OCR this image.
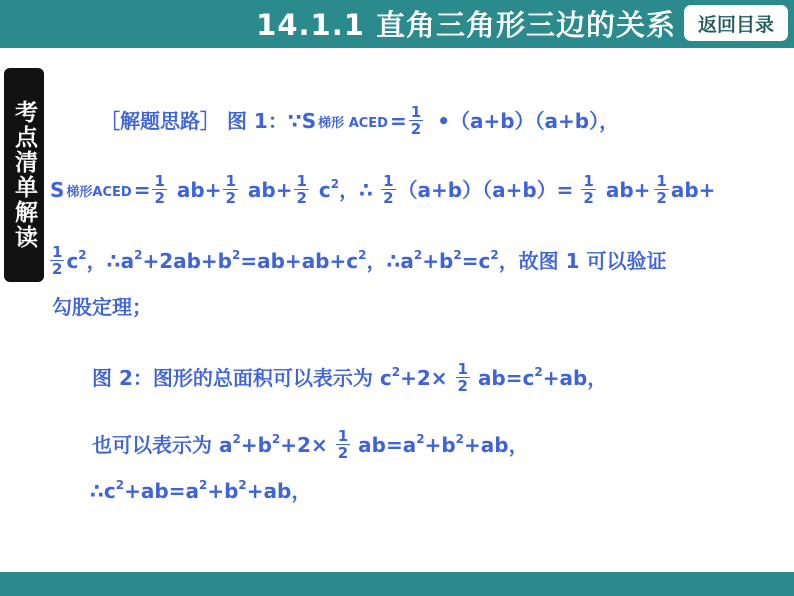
14.1.1 直角三角形三边的关系	返回目录
考点清单解读	［解题思路］ 图 1：∵S 梯形 ACED = $\frac{1}{2}$ •（a+b）（a+b），
S 梯形ACED = $\frac{1}{2} ab+ \frac{1}{2} ab+ \frac{1}{2} c^2$ ，∴ $\frac{1}{2} (a+b)(a+b)= \frac{1}{2} ab+ \frac{1}{2} ab+$
$\frac{1}{2} c^2$ ，$\therefore a^2 +2ab+b^2 =ab+ab+c^2$ ，$\therefore a^2 +b^2 =c^2$ ，故图 1 可以验证
勾股定理；
图 2：图形的总面积可以表示为 $c^2 +2\times \frac{1}{2} ab=c^2 +ab$，
也可以表示为 $a^2 +b^2 +2\times \frac{1}{2} ab=a^2 +b^2 +ab$，
$\therefore c^2 +ab=a^2 +b^2 +ab$，
